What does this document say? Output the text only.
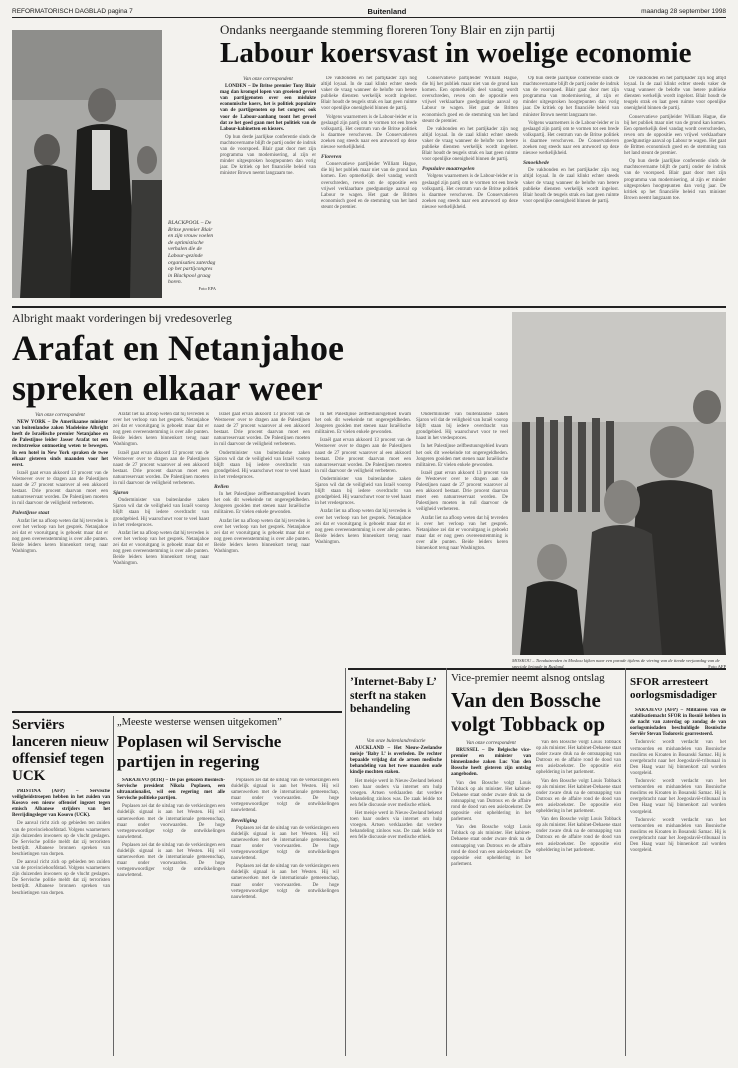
REFORMATORISCH DAGBLAD pagina 7	Buitenland	maandag 28 september 1998
BLACKPOOL – De Britse premier Blair en zijn vrouw voelen de optimistische verhalen die de Labour-gezinde organisaties zaterdag op het partijcongres in Blackpool graag horen.
Foto EPA
Ondanks neergaande stemming floreren Tony Blair en zijn partij
Labour koersvast in woelige economie
Van onze correspondent

LONDEN – De Britse premier Tony Blair mag dan kromgel lopen van groeiend gevoel van partijgenoten over een mislukte economische koers, het is politiek populaire van de partijgenoten op het congres; ook voor de Labour-aanhang toont het gevoel dat ze het goed gaan met het politiek van de Labour-kabinetten en kiezers.

Op hun derde jaarlijkse conferentie sinds de machtsovername blijft de partij onder de indruk van de voorspoed. Blair gaat door met zijn programma van modernisering, al zijn er minder uitgesproken hoogtepunten dan vorig jaar. De kritiek op het financiële beleid van minister Brown neemt langzaam toe.

De vakbonden en het partijkader zijn nog altijd loyaal. In de zaal klinkt echter steeds vaker de vraag wanneer de belofte van betere publieke diensten werkelijk wordt ingelost. Blair houdt de teugels strak en laat geen ruimte voor openlijke onenigheid binnen de partij.

Volgens waarnemers is de Labour-leider er in geslaagd zijn partij om te vormen tot een brede volkspartij. Het centrum van de Britse politiek is daarmee verschoven. De Conservatieven zoeken nog steeds naar een antwoord op deze nieuwe werkelijkheid.

Floreren

Conservatieve partijleider William Hague, die bij het publiek maar niet van de grond kan komen. Een opmerkelijk deel vandag wordt overschreden, reven om de oppositie een vrijwel verklaarbare goedgunstige aanval op Labour te wagen. Het gaat de Britten economisch goed en de stemming van het land steunt de premier.

Conservatieve partijleider William Hague, die bij het publiek maar niet van de grond kan komen. Een opmerkelijk deel vandag wordt overschreden, reven om de oppositie een vrijwel verklaarbare goedgunstige aanval op Labour te wagen. Het gaat de Britten economisch goed en de stemming van het land steunt de premier.

De vakbonden en het partijkader zijn nog altijd loyaal. In de zaal klinkt echter steeds vaker de vraag wanneer de belofte van betere publieke diensten werkelijk wordt ingelost. Blair houdt de teugels strak en laat geen ruimte voor openlijke onenigheid binnen de partij.

Populaire maatregelen

Volgens waarnemers is de Labour-leider er in geslaagd zijn partij om te vormen tot een brede volkspartij. Het centrum van de Britse politiek is daarmee verschoven. De Conservatieven zoeken nog steeds naar een antwoord op deze nieuwe werkelijkheid.

Op hun derde jaarlijkse conferentie sinds de machtsovername blijft de partij onder de indruk van de voorspoed. Blair gaat door met zijn programma van modernisering, al zijn er minder uitgesproken hoogtepunten dan vorig jaar. De kritiek op het financiële beleid van minister Brown neemt langzaam toe.

Volgens waarnemers is de Labour-leider er in geslaagd zijn partij om te vormen tot een brede volkspartij. Het centrum van de Britse politiek is daarmee verschoven. De Conservatieven zoeken nog steeds naar een antwoord op deze nieuwe werkelijkheid.

Smoekbede

De vakbonden en het partijkader zijn nog altijd loyaal. In de zaal klinkt echter steeds vaker de vraag wanneer de belofte van betere publieke diensten werkelijk wordt ingelost. Blair houdt de teugels strak en laat geen ruimte voor openlijke onenigheid binnen de partij.

De vakbonden en het partijkader zijn nog altijd loyaal. In de zaal klinkt echter steeds vaker de vraag wanneer de belofte van betere publieke diensten werkelijk wordt ingelost. Blair houdt de teugels strak en laat geen ruimte voor openlijke onenigheid binnen de partij.

Conservatieve partijleider William Hague, die bij het publiek maar niet van de grond kan komen. Een opmerkelijk deel vandag wordt overschreden, reven om de oppositie een vrijwel verklaarbare goedgunstige aanval op Labour te wagen. Het gaat de Britten economisch goed en de stemming van het land steunt de premier.

Op hun derde jaarlijkse conferentie sinds de machtsovername blijft de partij onder de indruk van de voorspoed. Blair gaat door met zijn programma van modernisering, al zijn er minder uitgesproken hoogtepunten dan vorig jaar. De kritiek op het financiële beleid van minister Brown neemt langzaam toe.

Albright maakt vorderingen bij vredesoverleg
Arafat en Netanjahoe spreken elkaar weer
MOSKOU – Tienduizenden in Moskou kijken naar een parade tijdens de viering van de tiende verjaardag van de speciale brigade in Rusland.	Foto AFP
Van onze correspondent

NEW YORK – De Amerikaanse minister van buitenlandse zaken Madeleine Albright heeft de Israëlische premier Netanjahoe en de Palestijnse leider Jasser Arafat tot een rechtstreekse ontmoeting weten te bewegen. In een hotel in New York spraken de twee elkaar gisteren sinds maanden voor het eerst.

Israël gaat ervan akkoord 13 procent van de Westoever over te dragen aan de Palestijnen naast de 27 procent waarover al een akkoord bestaat. Drie procent daarvan moet een natuurreservaat worden. De Palestijnen moeten in ruil daarvoor de veiligheid verbeteren.

Palestijnse staat

Arafat liet na afloop weten dat hij tevreden is over het verloop van het gesprek. Netanjahoe zei dat er vooruitgang is geboekt maar dat er nog geen overeenstemming is over alle punten. Beide leiders keren binnenkort terug naar Washington.

Arafat liet na afloop weten dat hij tevreden is over het verloop van het gesprek. Netanjahoe zei dat er vooruitgang is geboekt maar dat er nog geen overeenstemming is over alle punten. Beide leiders keren binnenkort terug naar Washington.

Israël gaat ervan akkoord 13 procent van de Westoever over te dragen aan de Palestijnen naast de 27 procent waarover al een akkoord bestaat. Drie procent daarvan moet een natuurreservaat worden. De Palestijnen moeten in ruil daarvoor de veiligheid verbeteren.

Sjaron

Onderminister van buitenlandse zaken Sjaron wil dat de veiligheid van Israël voorop blijft staan bij iedere overdracht van grondgebied. Hij waarschuwt voor te veel haast in het vredesproces.

Arafat liet na afloop weten dat hij tevreden is over het verloop van het gesprek. Netanjahoe zei dat er vooruitgang is geboekt maar dat er nog geen overeenstemming is over alle punten. Beide leiders keren binnenkort terug naar Washington.

Israël gaat ervan akkoord 13 procent van de Westoever over te dragen aan de Palestijnen naast de 27 procent waarover al een akkoord bestaat. Drie procent daarvan moet een natuurreservaat worden. De Palestijnen moeten in ruil daarvoor de veiligheid verbeteren.

Onderminister van buitenlandse zaken Sjaron wil dat de veiligheid van Israël voorop blijft staan bij iedere overdracht van grondgebied. Hij waarschuwt voor te veel haast in het vredesproces.

Rellen

In het Palestijnse zelfbestuursgebied kwam het ook dit weekeinde tot ongeregeldheden. Jongeren gooiden met stenen naar Israëlische militairen. Er vielen enkele gewonden.

Arafat liet na afloop weten dat hij tevreden is over het verloop van het gesprek. Netanjahoe zei dat er vooruitgang is geboekt maar dat er nog geen overeenstemming is over alle punten. Beide leiders keren binnenkort terug naar Washington.

In het Palestijnse zelfbestuursgebied kwam het ook dit weekeinde tot ongeregeldheden. Jongeren gooiden met stenen naar Israëlische militairen. Er vielen enkele gewonden.

Israël gaat ervan akkoord 13 procent van de Westoever over te dragen aan de Palestijnen naast de 27 procent waarover al een akkoord bestaat. Drie procent daarvan moet een natuurreservaat worden. De Palestijnen moeten in ruil daarvoor de veiligheid verbeteren.

Onderminister van buitenlandse zaken Sjaron wil dat de veiligheid van Israël voorop blijft staan bij iedere overdracht van grondgebied. Hij waarschuwt voor te veel haast in het vredesproces.

Arafat liet na afloop weten dat hij tevreden is over het verloop van het gesprek. Netanjahoe zei dat er vooruitgang is geboekt maar dat er nog geen overeenstemming is over alle punten. Beide leiders keren binnenkort terug naar Washington.

Onderminister van buitenlandse zaken Sjaron wil dat de veiligheid van Israël voorop blijft staan bij iedere overdracht van grondgebied. Hij waarschuwt voor te veel haast in het vredesproces.

In het Palestijnse zelfbestuursgebied kwam het ook dit weekeinde tot ongeregeldheden. Jongeren gooiden met stenen naar Israëlische militairen. Er vielen enkele gewonden.

Israël gaat ervan akkoord 13 procent van de Westoever over te dragen aan de Palestijnen naast de 27 procent waarover al een akkoord bestaat. Drie procent daarvan moet een natuurreservaat worden. De Palestijnen moeten in ruil daarvoor de veiligheid verbeteren.

Arafat liet na afloop weten dat hij tevreden is over het verloop van het gesprek. Netanjahoe zei dat er vooruitgang is geboekt maar dat er nog geen overeenstemming is over alle punten. Beide leiders keren binnenkort terug naar Washington.

Serviërs lanceren nieuw offensief tegen UCK

PRISTINA (AFP) – Servische veiligheidstroepen hebben in het zuiden van Kosovo een nieuw offensief ingezet tegen etnisch Albanese strijders van het Bevrijdingsleger van Kosovo (UCK).

De aanval richt zich op gebieden ten zuiden van de provinciehoofdstad. Volgens waarnemers zijn duizenden inwoners op de vlucht geslagen. De Servische politie meldt dat zij terroristen bestrijdt. Albanese bronnen spreken van beschietingen van dorpen.

De aanval richt zich op gebieden ten zuiden van de provinciehoofdstad. Volgens waarnemers zijn duizenden inwoners op de vlucht geslagen. De Servische politie meldt dat zij terroristen bestrijdt. Albanese bronnen spreken van beschietingen van dorpen.

„Meeste westerse wensen uitgekomen”
Poplasen wil Servische partijen in regering

SARAJEVO (RTR) – De pas gekozen Bosnisch-Servische president Nikola Poplasen, een ultranationalist, wil een regering met alle Servische politieke partijen.

Poplasen zei dat de uitslag van de verkiezingen een duidelijk signaal is aan het Westen. Hij wil samenwerken met de internationale gemeenschap, maar onder voorwaarden. De hoge vertegenwoordiger volgt de ontwikkelingen nauwlettend.

Poplasen zei dat de uitslag van de verkiezingen een duidelijk signaal is aan het Westen. Hij wil samenwerken met de internationale gemeenschap, maar onder voorwaarden. De hoge vertegenwoordiger volgt de ontwikkelingen nauwlettend.

Poplasen zei dat de uitslag van de verkiezingen een duidelijk signaal is aan het Westen. Hij wil samenwerken met de internationale gemeenschap, maar onder voorwaarden. De hoge vertegenwoordiger volgt de ontwikkelingen nauwlettend.

Beveiliging

Poplasen zei dat de uitslag van de verkiezingen een duidelijk signaal is aan het Westen. Hij wil samenwerken met de internationale gemeenschap, maar onder voorwaarden. De hoge vertegenwoordiger volgt de ontwikkelingen nauwlettend.

Poplasen zei dat de uitslag van de verkiezingen een duidelijk signaal is aan het Westen. Hij wil samenwerken met de internationale gemeenschap, maar onder voorwaarden. De hoge vertegenwoordiger volgt de ontwikkelingen nauwlettend.

’Internet-Baby L’ sterft na staken behandeling
Van onze buitenlandredactie

AUCKLAND – Het Nieuw-Zeelandse meisje ’Baby L’ is overleden. De rechter bepaalde vrijdag dat de artsen medische behandeling van het twee maanden oude kindje mochten staken.

Het meisje werd in Nieuw-Zeeland bekend toen haar ouders via internet om hulp vroegen. Artsen verklaarden dat verdere behandeling zinloos was. De zaak leidde tot een felle discussie over medische ethiek.

Het meisje werd in Nieuw-Zeeland bekend toen haar ouders via internet om hulp vroegen. Artsen verklaarden dat verdere behandeling zinloos was. De zaak leidde tot een felle discussie over medische ethiek.

Vice-premier neemt alsnog ontslag
Van den Bossche volgt Tobback op
Van onze correspondent

BRUSSEL – De Belgische vice-premier en minister van binnenlandse zaken Luc Van den Bossche heeft gisteren zijn ontslag aangeboden.

Van den Bossche volgt Louis Tobback op als minister. Het kabinet-Dehaene staat onder zware druk na de ontsnapping van Dutroux en de affaire rond de dood van een asielzoekster. De oppositie eist opheldering in het parlement.

Van den Bossche volgt Louis Tobback op als minister. Het kabinet-Dehaene staat onder zware druk na de ontsnapping van Dutroux en de affaire rond de dood van een asielzoekster. De oppositie eist opheldering in het parlement.

Van den Bossche volgt Louis Tobback op als minister. Het kabinet-Dehaene staat onder zware druk na de ontsnapping van Dutroux en de affaire rond de dood van een asielzoekster. De oppositie eist opheldering in het parlement.

Van den Bossche volgt Louis Tobback op als minister. Het kabinet-Dehaene staat onder zware druk na de ontsnapping van Dutroux en de affaire rond de dood van een asielzoekster. De oppositie eist opheldering in het parlement.

Van den Bossche volgt Louis Tobback op als minister. Het kabinet-Dehaene staat onder zware druk na de ontsnapping van Dutroux en de affaire rond de dood van een asielzoekster. De oppositie eist opheldering in het parlement.

SFOR arresteert oorlogsmisdadiger

SARAJEVO (AFP) – Militairen van de stabilisatiemacht SFOR in Bosnië hebben in de nacht van zaterdag op zondag de van oorlogsmisdaden beschuldigde Bosnische Serviër Stevan Todorovic gearresteerd.

Todorovic wordt verdacht van het vermoorden en mishandelen van Bosnische moslims en Kroaten in Bosanski Samac. Hij is overgebracht naar het Joegoslavië-tribunaal in Den Haag waar hij binnenkort zal worden voorgeleid.

Todorovic wordt verdacht van het vermoorden en mishandelen van Bosnische moslims en Kroaten in Bosanski Samac. Hij is overgebracht naar het Joegoslavië-tribunaal in Den Haag waar hij binnenkort zal worden voorgeleid.

Todorovic wordt verdacht van het vermoorden en mishandelen van Bosnische moslims en Kroaten in Bosanski Samac. Hij is overgebracht naar het Joegoslavië-tribunaal in Den Haag waar hij binnenkort zal worden voorgeleid.
